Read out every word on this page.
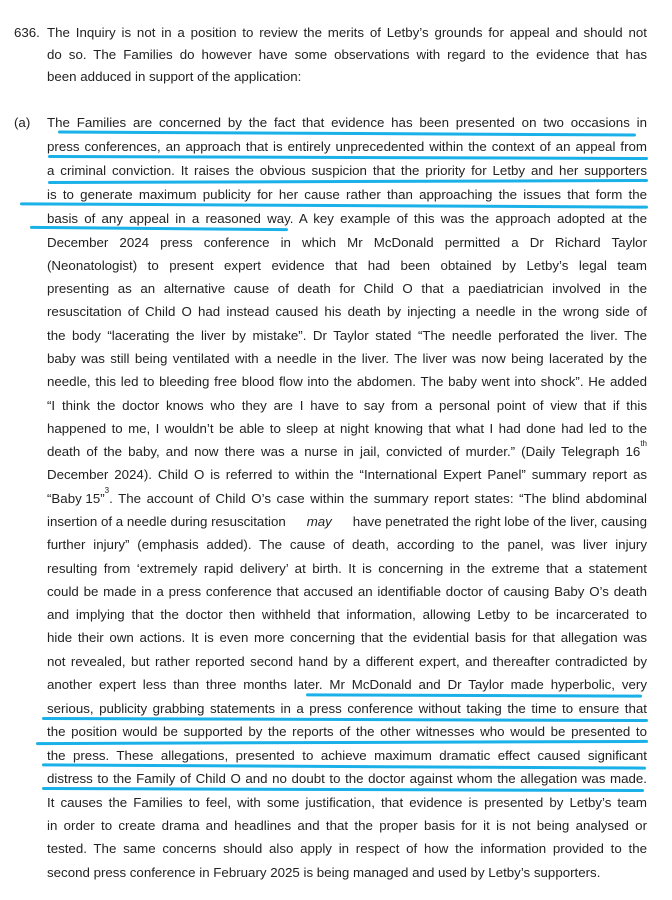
636. The Inquiry is not in a position to review the merits of Letby’s grounds for appeal and should not
do so. The Families do however have some observations with regard to the evidence that has
been adduced in support of the application:
(a) The Families are concerned by the fact that evidence has been presented on two occasions in
press conferences, an approach that is entirely unprecedented within the context of an appeal from
a criminal conviction. It raises the obvious suspicion that the priority for Letby and her supporters
is to generate maximum publicity for her cause rather than approaching the issues that form the
basis of any appeal in a reasoned way. A key example of this was the approach adopted at the
December 2024 press conference in which Mr McDonald permitted a Dr Richard Taylor
(Neonatologist) to present expert evidence that had been obtained by Letby’s legal team
presenting as an alternative cause of death for Child O that a paediatrician involved in the
resuscitation of Child O had instead caused his death by injecting a needle in the wrong side of
the body “lacerating the liver by mistake”. Dr Taylor stated “The needle perforated the liver. The
baby was still being ventilated with a needle in the liver. The liver was now being lacerated by the
needle, this led to bleeding free blood flow into the abdomen. The baby went into shock”. He added
“I think the doctor knows who they are I have to say from a personal point of view that if this
happened to me, I wouldn’t be able to sleep at night knowing that what I had done had led to the
death of the baby, and now there was a nurse in jail, convicted of murder.” (Daily Telegraph 16
th
December 2024). Child O is referred to within the “International Expert Panel” summary report as
“Baby 15”
3
. The account of Child O’s case within the summary report states: “The blind abdominal
insertion of a needle during resuscitation may have penetrated the right lobe of the liver, causing
further injury” (emphasis added). The cause of death, according to the panel, was liver injury
resulting from ‘extremely rapid delivery’ at birth. It is concerning in the extreme that a statement
could be made in a press conference that accused an identifiable doctor of causing Baby O’s death
and implying that the doctor then withheld that information, allowing Letby to be incarcerated to
hide their own actions. It is even more concerning that the evidential basis for that allegation was
not revealed, but rather reported second hand by a different expert, and thereafter contradicted by
another expert less than three months later. Mr McDonald and Dr Taylor made hyperbolic, very
serious, publicity grabbing statements in a press conference without taking the time to ensure that
the position would be supported by the reports of the other witnesses who would be presented to
the press. These allegations, presented to achieve maximum dramatic effect caused significant
distress to the Family of Child O and no doubt to the doctor against whom the allegation was made.
It causes the Families to feel, with some justification, that evidence is presented by Letby’s team
in order to create drama and headlines and that the proper basis for it is not being analysed or
tested. The same concerns should also apply in respect of how the information provided to the
second press conference in February 2025 is being managed and used by Letby’s supporters.
